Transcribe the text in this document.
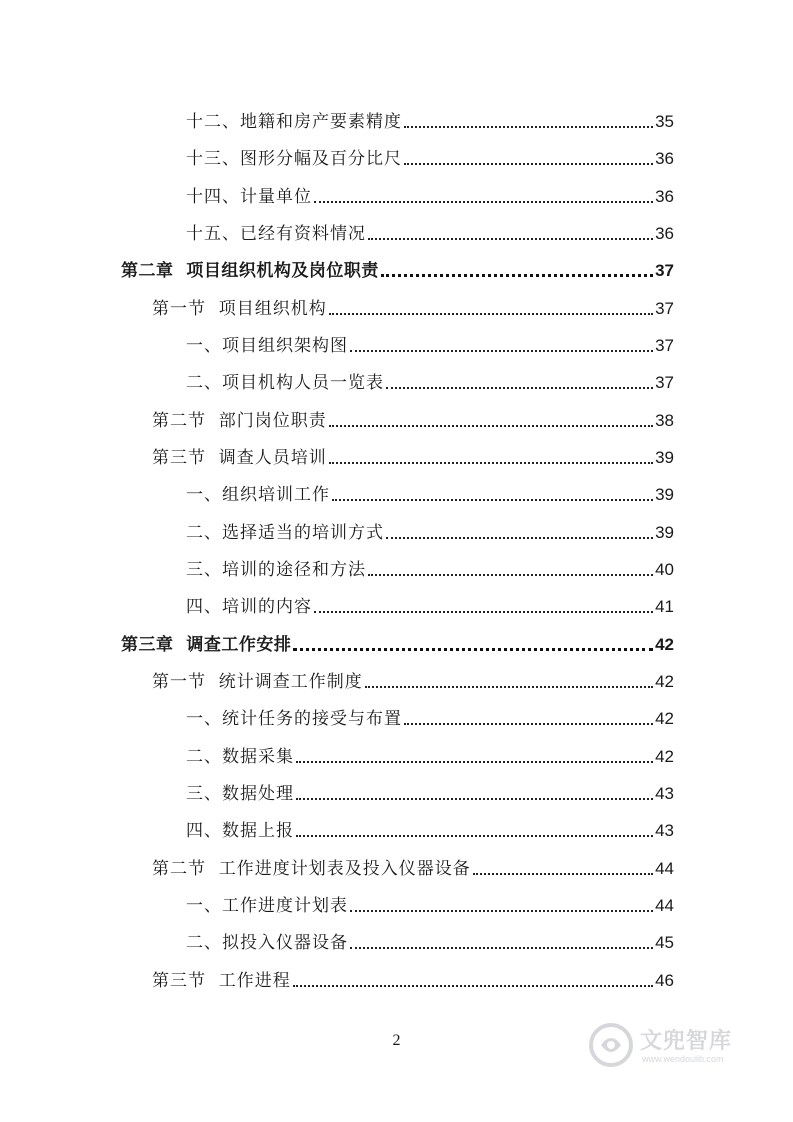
十二、地籍和房产要素精度	35
十三、图形分幅及百分比尺	36
十四、计量单位	36
十五、已经有资料情况	36
第二章  项目组织机构及岗位职责	37
第一节  项目组织机构	37
一、项目组织架构图	37
二、项目机构人员一览表	37
第二节  部门岗位职责	38
第三节  调查人员培训	39
一、组织培训工作	39
二、选择适当的培训方式	39
三、培训的途径和方法	40
四、培训的内容	41
第三章  调查工作安排	42
第一节  统计调查工作制度	42
一、统计任务的接受与布置	42
二、数据采集	42
三、数据处理	43
四、数据上报	43
第二节  工作进度计划表及投入仪器设备	44
一、工作进度计划表	44
二、拟投入仪器设备	45
第三节  工作进程	46
2	文兜智库
www.wendoulib.com
